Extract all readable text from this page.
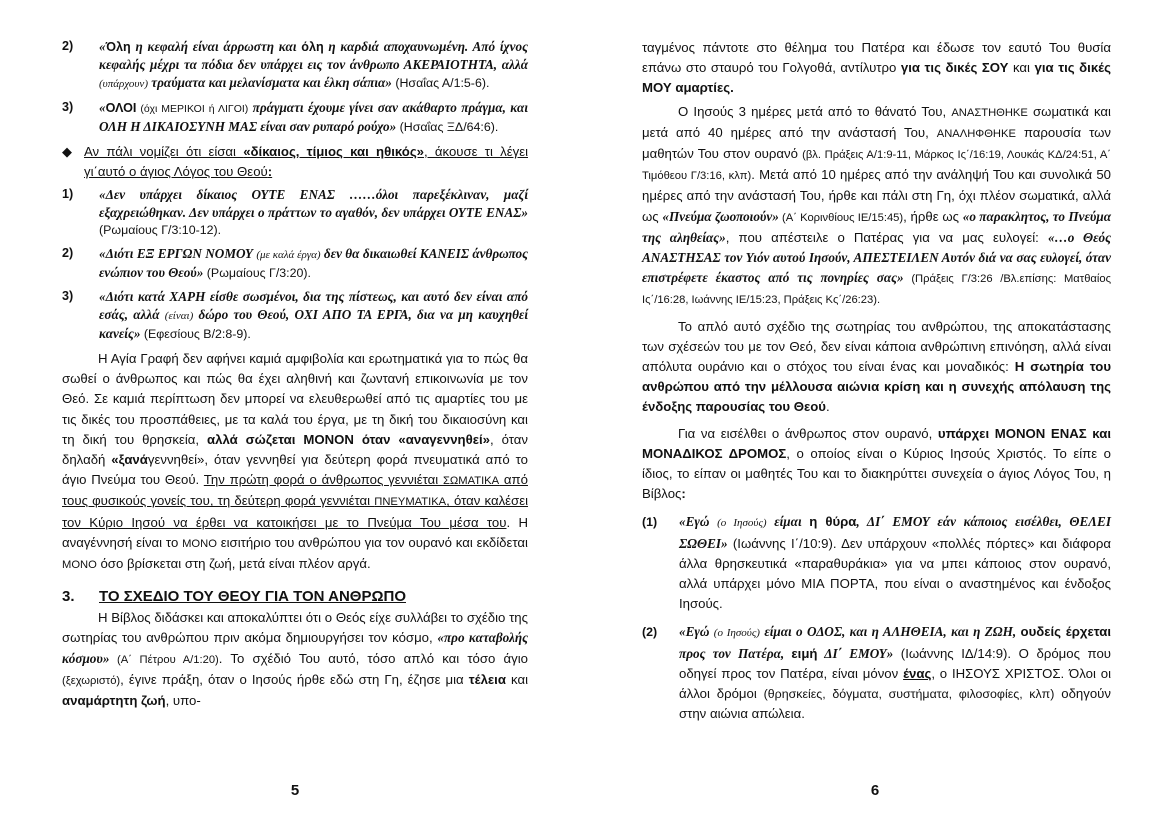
2)	«Όλη η κεφαλή είναι άρρωστη και όλη η καρδιά αποχαυνωμένη. Από ίχνος κεφαλής μέχρι τα πόδια δεν υπάρχει εις τον άνθρωπο ΑΚΕΡΑΙΟΤΗΤΑ, αλλά (υπάρχουν) τραύματα και μελανίσματα και έλκη σάπια» (Ησαΐας Α/1:5-6).
3)	«ΟΛΟΙ (όχι ΜΕΡΙΚΟΙ ή ΛΙΓΟΙ) πράγματι έχουμε γίνει σαν ακάθαρτο πράγμα, και ΟΛΗ Η ΔΙΚΑΙΟΣΥΝΗ ΜΑΣ είναι σαν ρυπαρό ρούχο» (Ησαΐας ΞΔ/64:6).
◆ Αν πάλι νομίζει ότι είσαι «δίκαιος, τίμιος και ηθικός», άκουσε τι λέγει γι΄αυτό ο άγιος Λόγος του Θεού:
1)	«Δεν υπάρχει δίκαιος ΟΥΤΕ ΕΝΑΣ ……όλοι παρεξέκλιναν, μαζί εξαχρειώθηκαν. Δεν υπάρχει ο πράττων το αγαθόν, δεν υπάρχει ΟΥΤΕ ΕΝΑΣ» (Ρωμαίους Γ/3:10-12).
2)	«Διότι ΕΞ ΕΡΓΩΝ ΝΟΜΟΥ (με καλά έργα) δεν θα δικαιωθεί ΚΑΝΕΙΣ άνθρωπος ενώπιον του Θεού» (Ρωμαίους Γ/3:20).
3)	«Διότι κατά ΧΑΡΗ είσθε σωσμένοι, δια της πίστεως, και αυτό δεν είναι από εσάς, αλλά (είναι) δώρο του Θεού, ΟΧΙ ΑΠΟ ΤΑ ΕΡΓΑ, δια να μη καυχηθεί κανείς» (Εφεσίους Β/2:8-9).

Η Αγία Γραφή δεν αφήνει καμιά αμφιβολία και ερωτηματικά για το πώς θα σωθεί ο άνθρωπος και πώς θα έχει αληθινή και ζωντανή επικοινωνία με τον Θεό. Σε καμιά περίπτωση δεν μπορεί να ελευθερωθεί από τις αμαρτίες του με τις δικές του προσπάθειες, με τα καλά του έργα, με τη δική του δικαιοσύνη και τη δική του θρησκεία, αλλά σώζεται ΜΟΝΟΝ όταν «αναγεννηθεί», όταν δηλαδή «ξανάγεννηθεί», όταν γεννηθεί για δεύτερη φορά πνευματικά από το άγιο Πνεύμα του Θεού. Την πρώτη φορά ο άνθρωπος γεννιέται ΣΩΜΑΤΙΚΑ από τους φυσικούς γονείς του, τη δεύτερη φορά γεννιέται ΠΝΕΥΜΑΤΙΚΑ, όταν καλέσει τον Κύριο Ιησού να έρθει να κατοικήσει με το Πνεύμα Του μέσα του. Η αναγέννησή είναι το ΜΟΝΟ εισιτήριο του ανθρώπου για τον ουρανό και εκδίδεται ΜΟΝΟ όσο βρίσκεται στη ζωή, μετά είναι πλέον αργά.

3.	ΤΟ ΣΧΕΔΙΟ ΤΟΥ ΘΕΟΥ ΓΙΑ ΤΟΝ ΑΝΘΡΩΠΟ

Η Βίβλος διδάσκει και αποκαλύπτει ότι ο Θεός είχε συλλάβει το σχέδιο της σωτηρίας του ανθρώπου πριν ακόμα δημιουργήσει τον κόσμο, «προ καταβολής κόσμου» (Α΄ Πέτρου Α/1:20). Το σχέδιό Του αυτό, τόσο απλό και τόσο άγιο (ξεχωριστό), έγινε πράξη, όταν ο Ιησούς ήρθε εδώ στη Γη, έζησε μια τέλεια και αναμάρτητη ζωή, υπο-

5

ταγμένος πάντοτε στο θέλημα του Πατέρα και έδωσε τον εαυτό Του θυσία επάνω στο σταυρό του Γολγοθά, αντίλυτρο για τις δικές ΣΟΥ και για τις δικές ΜΟΥ αμαρτίες.

Ο Ιησούς 3 ημέρες μετά από το θάνατό Του, ΑΝΑΣΤΗΘΗΚΕ σωματικά και μετά από 40 ημέρες από την ανάστασή Του, ΑΝΑΛΗΦΘΗΚΕ παρουσία των μαθητών Του στον ουρανό (βλ. Πράξεις Α/1:9-11, Μάρκος Ις΄/16:19, Λουκάς ΚΔ/24:51, Α΄ Τιμόθεου Γ/3:16, κλπ). Μετά από 10 ημέρες από την ανάληψή Του και συνολικά 50 ημέρες από την ανάστασή Του, ήρθε και πάλι στη Γη, όχι πλέον σωματικά, αλλά ως «Πνεύμα ζωοποιούν» (Α΄ Κορινθίους ΙΕ/15:45), ήρθε ως «ο παρακλητος, το Πνεύμα της αληθείας», που απέστειλε ο Πατέρας για να μας ευλογεί: «…ο Θεός ΑΝΑΣΤΗΣΑΣ τον Υιόν αυτού Ιησούν, ΑΠΕΣΤΕΙΛΕΝ Αυτόν διά να σας ευλογεί, όταν επιστρέφετε έκαστος από τις πονηρίες σας» (Πράξεις Γ/3:26 /Βλ.επίσης: Ματθαίος Ις΄/16:28, Ιωάννης ΙΕ/15:23, Πράξεις Κς΄/26:23).

Το απλό αυτό σχέδιο της σωτηρίας του ανθρώπου, της αποκατάστασης των σχέσεών του με τον Θεό, δεν είναι κάποια ανθρώπινη επινόηση, αλλά είναι απόλυτα ουράνιο και ο στόχος του είναι ένας και μοναδικός: Η σωτηρία του ανθρώπου από την μέλλουσα αιώνια κρίση και η συνεχής απόλαυση της ένδοξης παρουσίας του Θεού.

Για να εισέλθει ο άνθρωπος στον ουρανό, υπάρχει ΜΟΝΟΝ ΕΝΑΣ και ΜΟΝΑΔΙΚΟΣ ΔΡΟΜΟΣ, ο οποίος είναι ο Κύριος Ιησούς Χριστός. Το είπε ο ίδιος, το είπαν οι μαθητές Του και το διακηρύττει συνεχεία ο άγιος Λόγος Του, η Βίβλος:

(1)	«Εγώ (ο Ιησούς) είμαι η θύρα, ΔΙ΄ ΕΜΟΥ εάν κάποιος εισέλθει, ΘΕΛΕΙ ΣΩΘΕΙ» (Ιωάννης Ι΄/10:9). Δεν υπάρχουν «πολλές πόρτες» και διάφορα άλλα θρησκευτικά «παραθυράκια» για να μπει κάποιος στον ουρανό, αλλά υπάρχει μόνο ΜΙΑ ΠΟΡΤΑ, που είναι ο αναστημένος και ένδοξος Ιησούς.
(2)	«Εγώ (ο Ιησούς) είμαι ο ΟΔΟΣ, και η ΑΛΗΘΕΙΑ, και η ΖΩΗ, ουδείς έρχεται προς τον Πατέρα, ειμή ΔΙ΄ ΕΜΟΥ» (Ιωάννης ΙΔ/14:9). Ο δρόμος που οδηγεί προς τον Πατέρα, είναι μόνον ένας, ο ΙΗΣΟΥΣ ΧΡΙΣΤΟΣ. Όλοι οι άλλοι δρόμοι (θρησκείες, δόγματα, συστήματα, φιλοσοφίες, κλπ) οδηγούν στην αιώνια απώλεια.
6
